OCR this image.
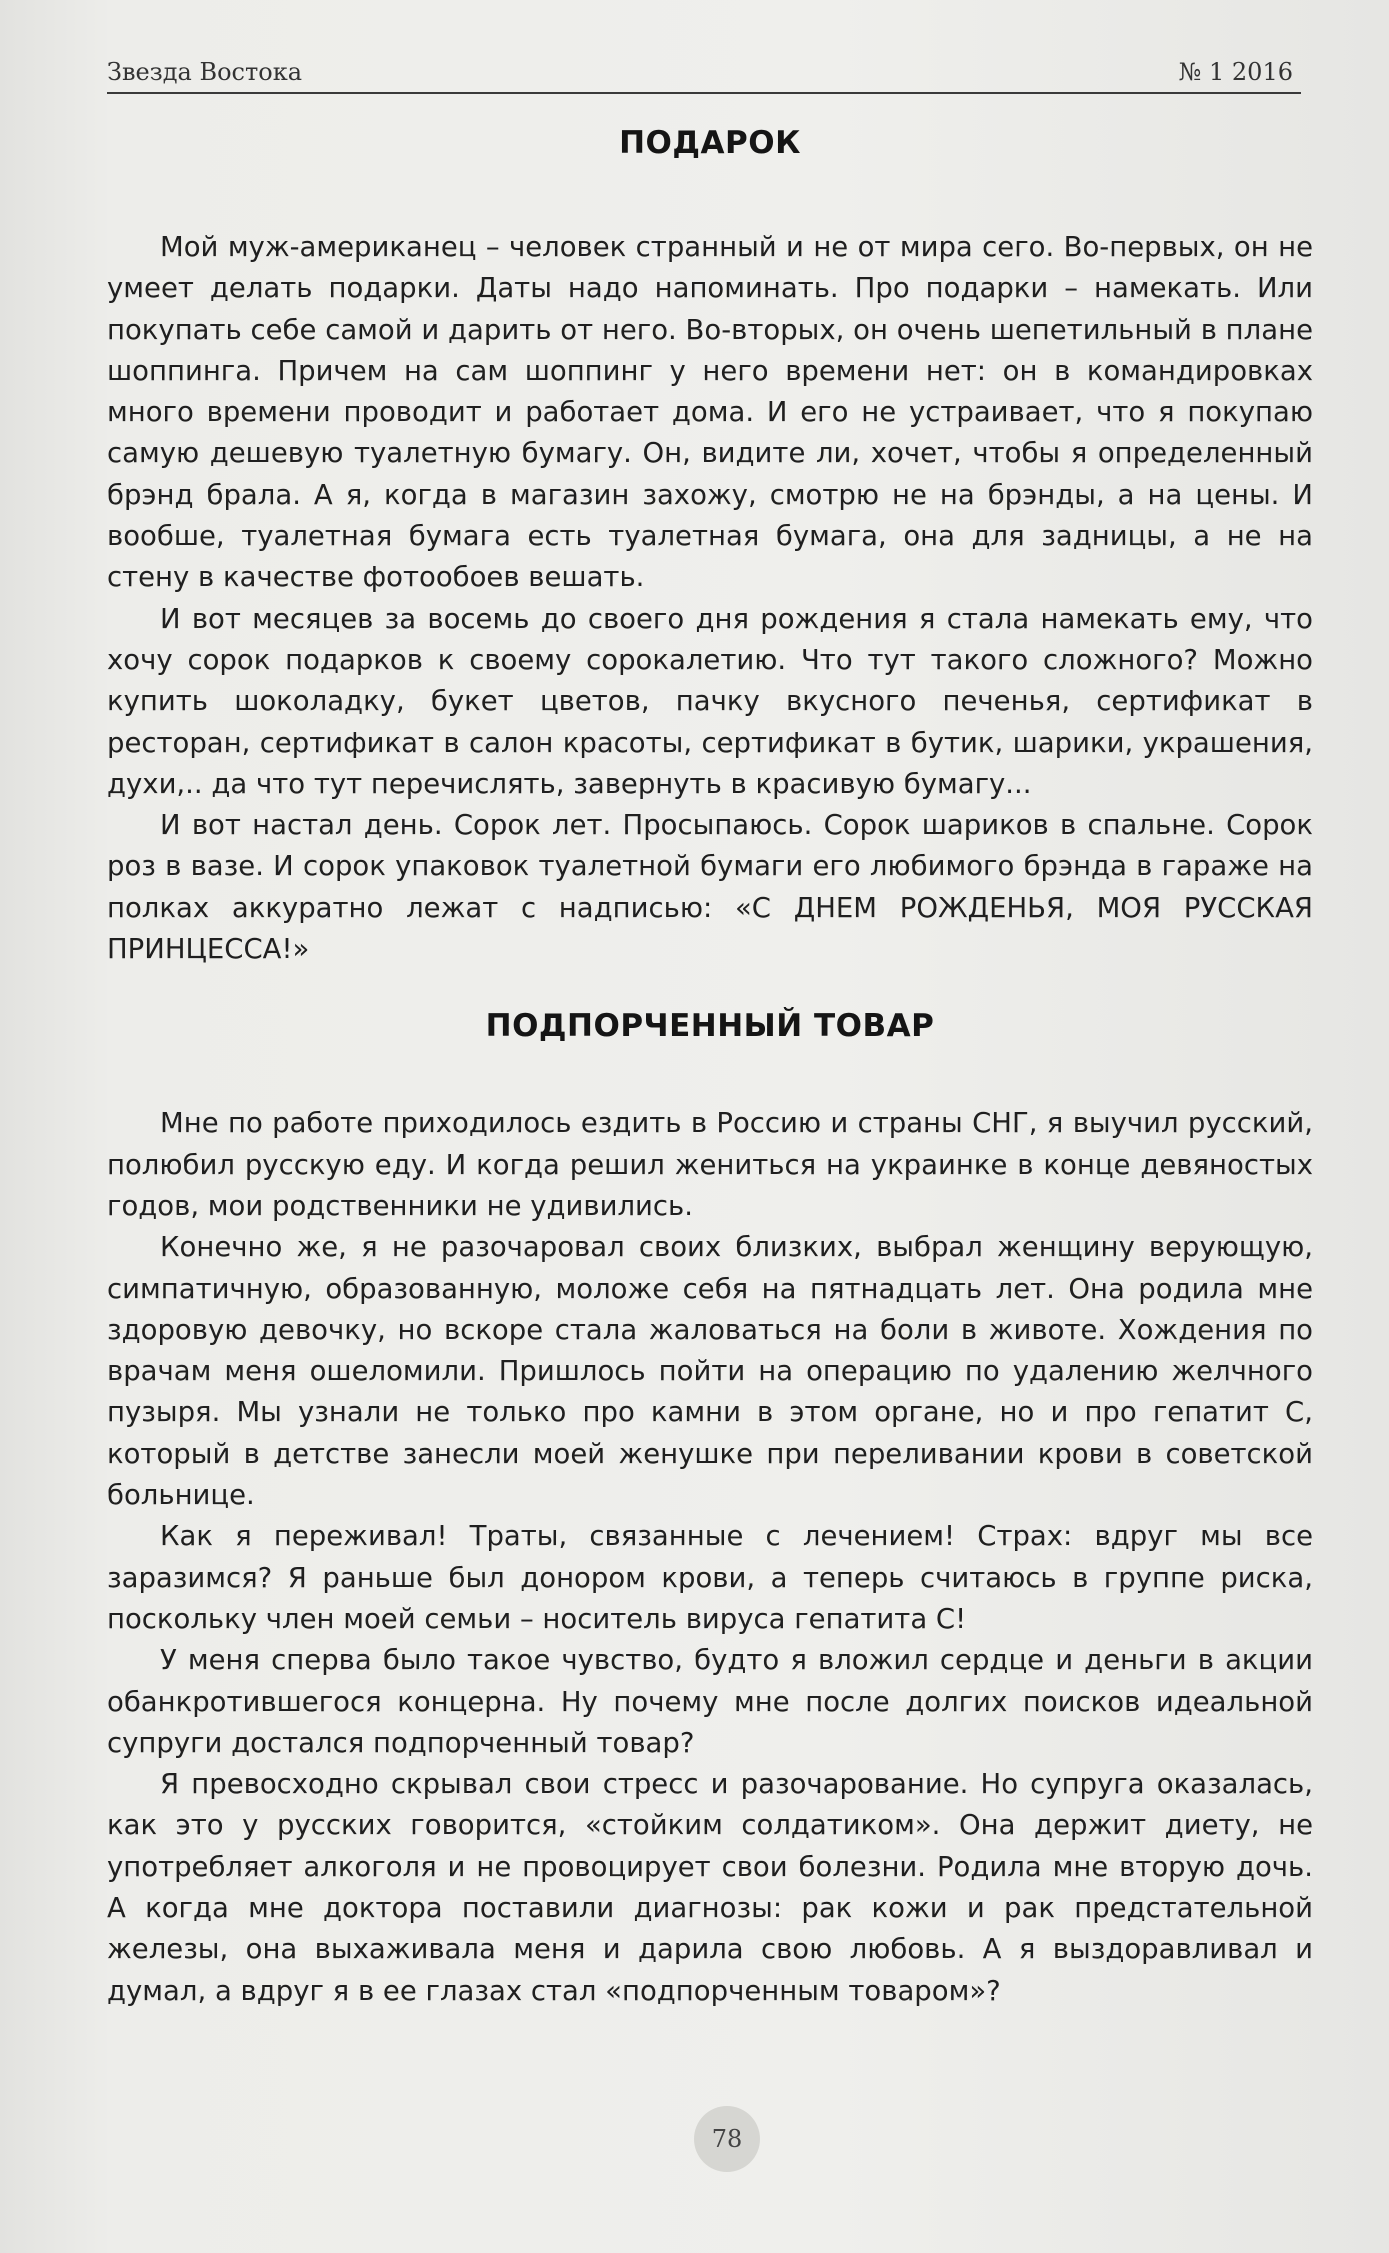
Звезда Востока	№ 1 2016
ПОДАРОК

Мой муж-американец – человек странный и не от мира сего. Во-первых, он не умеет делать подарки. Даты надо напоминать. Про подарки – намекать. Или покупать себе самой и дарить от него. Во-вторых, он очень шепетильный в плане шоппинга. Причем на сам шоппинг у него времени нет: он в командировках много времени проводит и работает дома. И его не устраивает, что я покупаю самую дешевую туалетную бумагу. Он, видите ли, хочет, чтобы я определенный брэнд брала. А я, когда в магазин захожу, смотрю не на брэнды, а на цены. И вообше, туалетная бумага есть туалетная бумага, она для задницы, а не на стену в качестве фотообоев вешать.

И вот месяцев за восемь до своего дня рождения я стала намекать ему, что хочу сорок подарков к своему сорокалетию. Что тут такого сложного? Можно купить шоколадку, букет цветов, пачку вкусного печенья, сертификат в ресторан, сертификат в салон красоты, сертификат в бутик, шарики, украшения, духи,.. да что тут перечислять, завернуть в красивую бумагу...

И вот настал день. Сорок лет. Просыпаюсь. Сорок шариков в спальне. Сорок роз в вазе. И сорок упаковок туалетной бумаги его любимого брэнда в гараже на полках аккуратно лежат с надписью: «С ДНЕМ РОЖДЕНЬЯ, МОЯ РУССКАЯ ПРИНЦЕССА!»

ПОДПОРЧЕННЫЙ ТОВАР

Мне по работе приходилось ездить в Россию и страны СНГ, я выучил русский, полюбил русскую еду. И когда решил жениться на украинке в конце девяностых годов, мои родственники не удивились.

Конечно же, я не разочаровал своих близких, выбрал женщину верующую, симпатичную, образованную, моложе себя на пятнадцать лет. Она родила мне здоровую девочку, но вскоре стала жаловаться на боли в животе. Хождения по врачам меня ошеломили. Пришлось пойти на операцию по удалению желчного пузыря. Мы узнали не только про камни в этом органе, но и про гепатит С, который в детстве занесли моей женушке при переливании крови в советской больнице.

Как я переживал! Траты, связанные с лечением! Страх: вдруг мы все заразимся? Я раньше был донором крови, а теперь считаюсь в группе риска, поскольку член моей семьи – носитель вируса гепатита С!

У меня сперва было такое чувство, будто я вложил сердце и деньги в акции обанкротившегося концерна. Ну почему мне после долгих поисков идеальной супруги достался подпорченный товар?

Я превосходно скрывал свои стресс и разочарование. Но супруга оказалась, как это у русских говорится, «стойким солдатиком». Она держит диету, не употребляет алкоголя и не провоцирует свои болезни. Родила мне вторую дочь. А когда мне доктора поставили диагнозы: рак кожи и рак предстательной железы, она выхаживала меня и дарила свою любовь. А я выздоравливал и думал, а вдруг я в ее глазах стал «подпорченным товаром»?

78
